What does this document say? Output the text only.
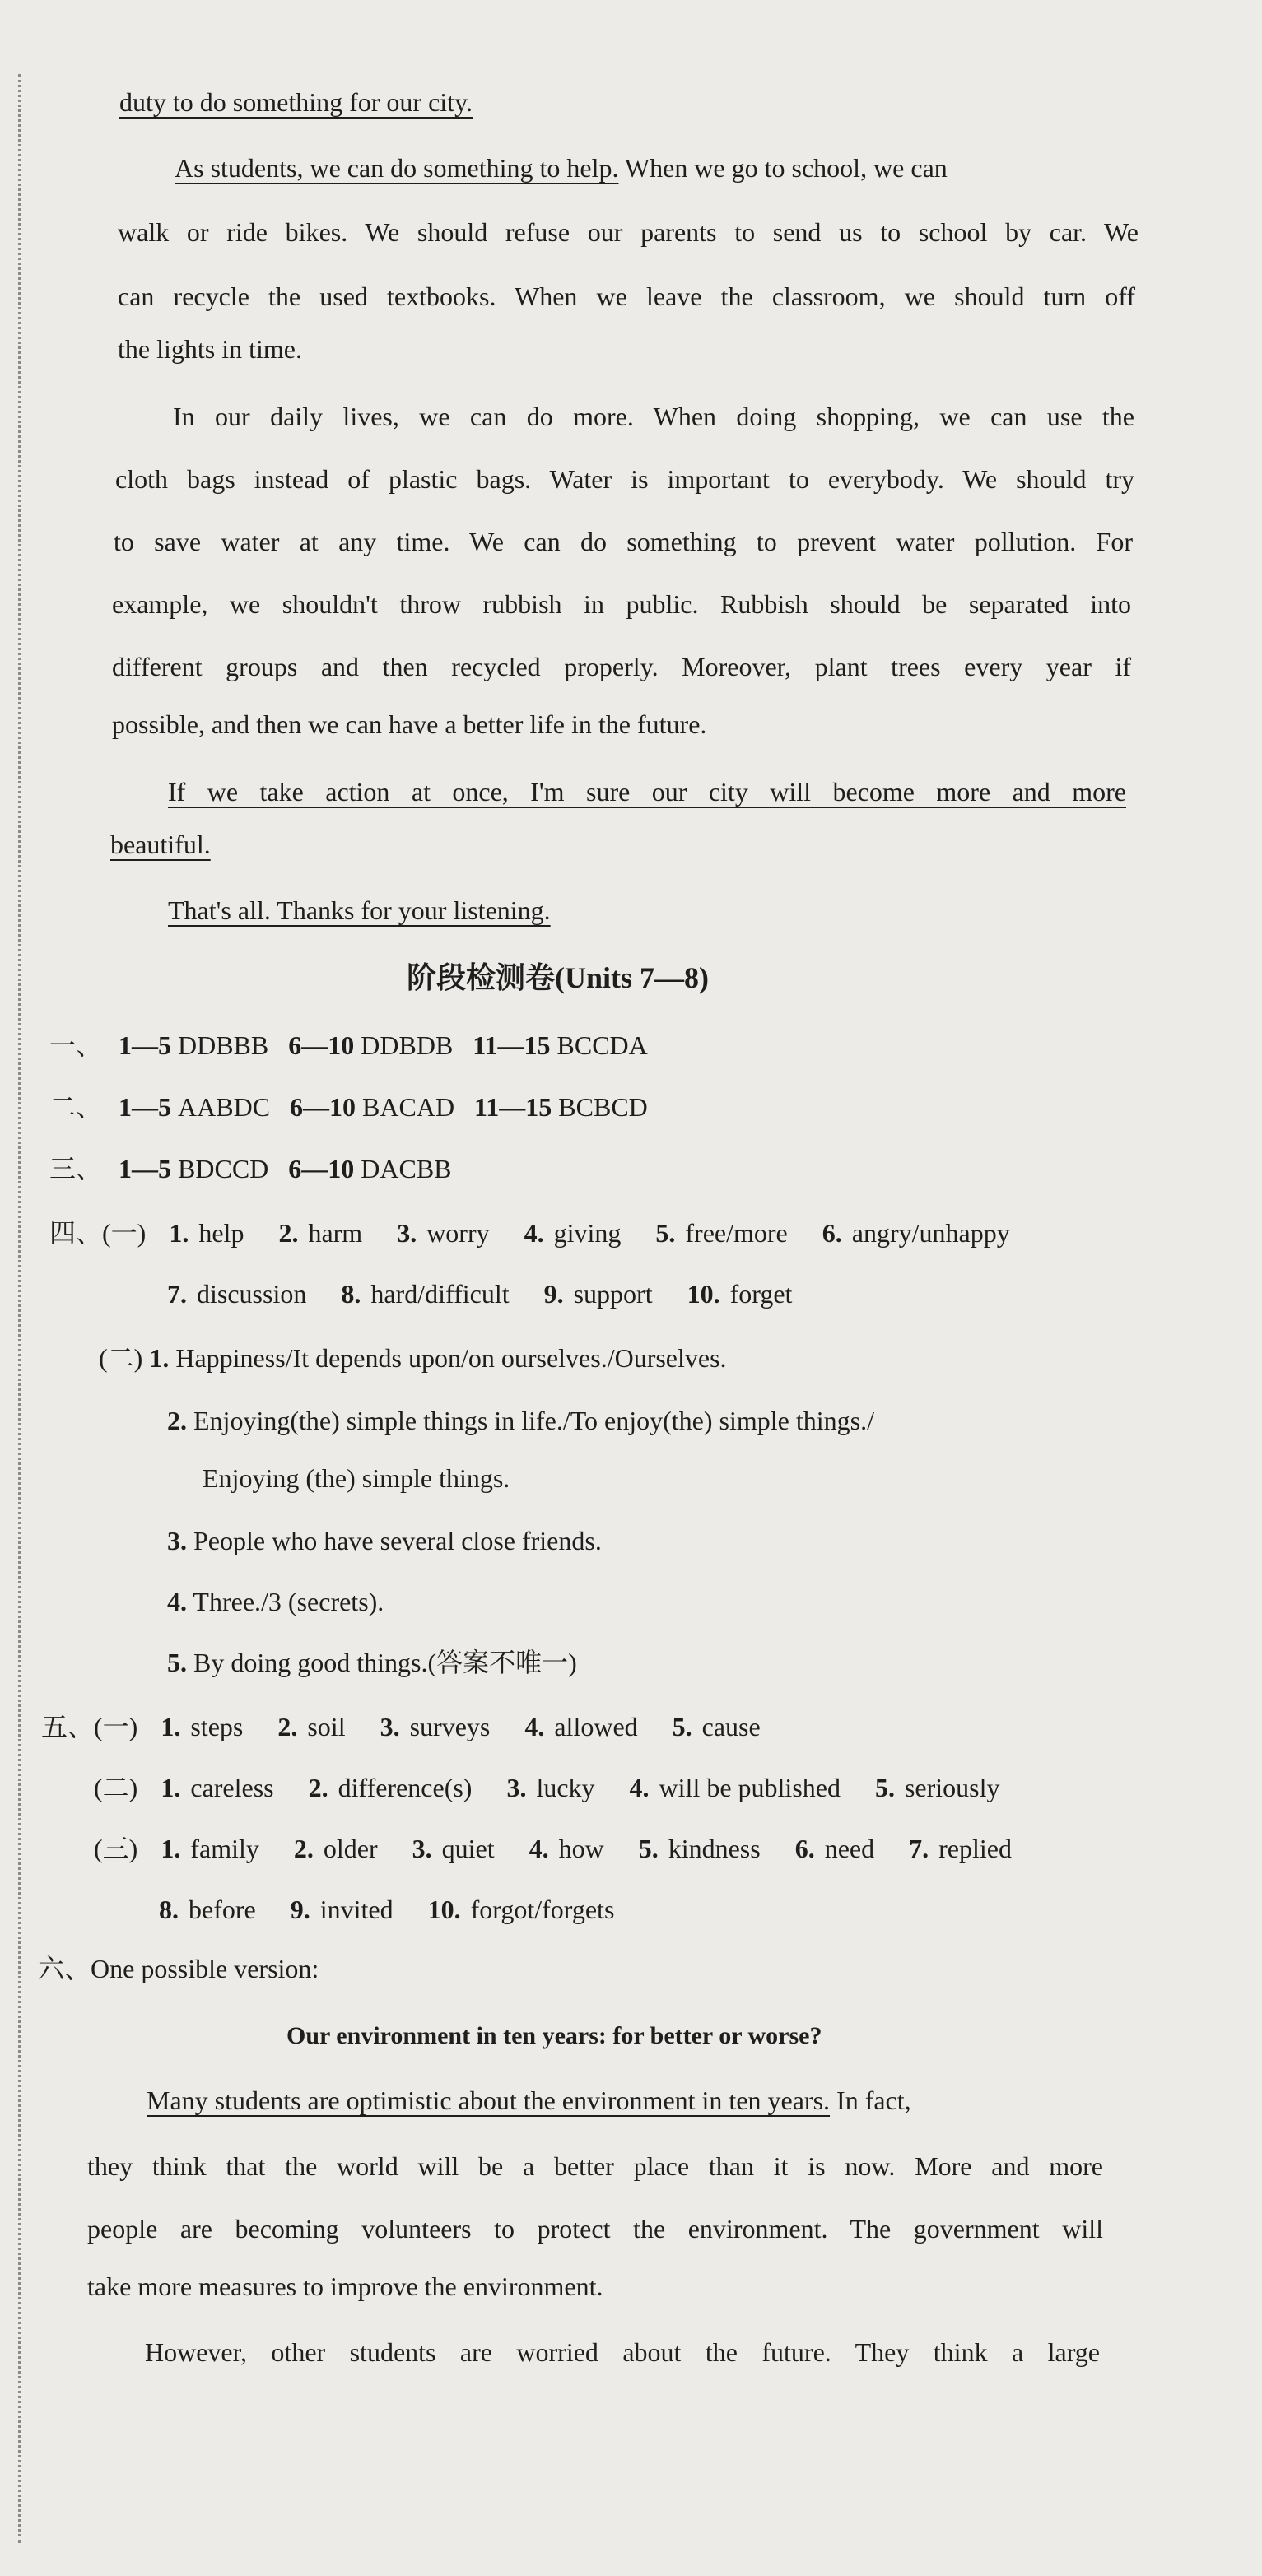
duty to do something for our city.
As students, we can do something to help. When we go to school, we can
walk or ride bikes. We should refuse our parents to send us to school by car. We
can recycle the used textbooks. When we leave the classroom, we should turn off
the lights in time.
In our daily lives, we can do more. When doing shopping, we can use the
cloth bags instead of plastic bags. Water is important to everybody. We should try
to save water at any time. We can do something to prevent water pollution. For
example, we shouldn't throw rubbish in public. Rubbish should be separated into
different groups and then recycled properly. Moreover, plant trees every year if
possible, and then we can have a better life in the future.
If we take action at once, I'm sure our city will become more and more
beautiful.
That's all. Thanks for your listening.
阶段检测卷(Units 7—8)
一、 1—5 DDBBB 6—10 DDBDB 11—15 BCCDA
二、 1—5 AABDC 6—10 BACAD 11—15 BCBCD
三、 1—5 BDCCD 6—10 DACBB
四、(一) 1. help 2. harm 3. worry 4. giving 5. free/more 6. angry/unhappy
7. discussion 8. hard/difficult 9. support 10. forget
(二) 1. Happiness/It depends upon/on ourselves./Ourselves.
2. Enjoying(the) simple things in life./To enjoy(the) simple things./
Enjoying (the) simple things.
3. People who have several close friends.
4. Three./3 (secrets).
5. By doing good things.(答案不唯一)
五、(一) 1. steps 2. soil 3. surveys 4. allowed 5. cause
(二) 1. careless 2. difference(s) 3. lucky 4. will be published 5. seriously
(三) 1. family 2. older 3. quiet 4. how 5. kindness 6. need 7. replied
8. before 9. invited 10. forgot/forgets
六、One possible version:
Our environment in ten years: for better or worse?
Many students are optimistic about the environment in ten years. In fact,
they think that the world will be a better place than it is now. More and more
people are becoming volunteers to protect the environment. The government will
take more measures to improve the environment.
However, other students are worried about the future. They think a large
